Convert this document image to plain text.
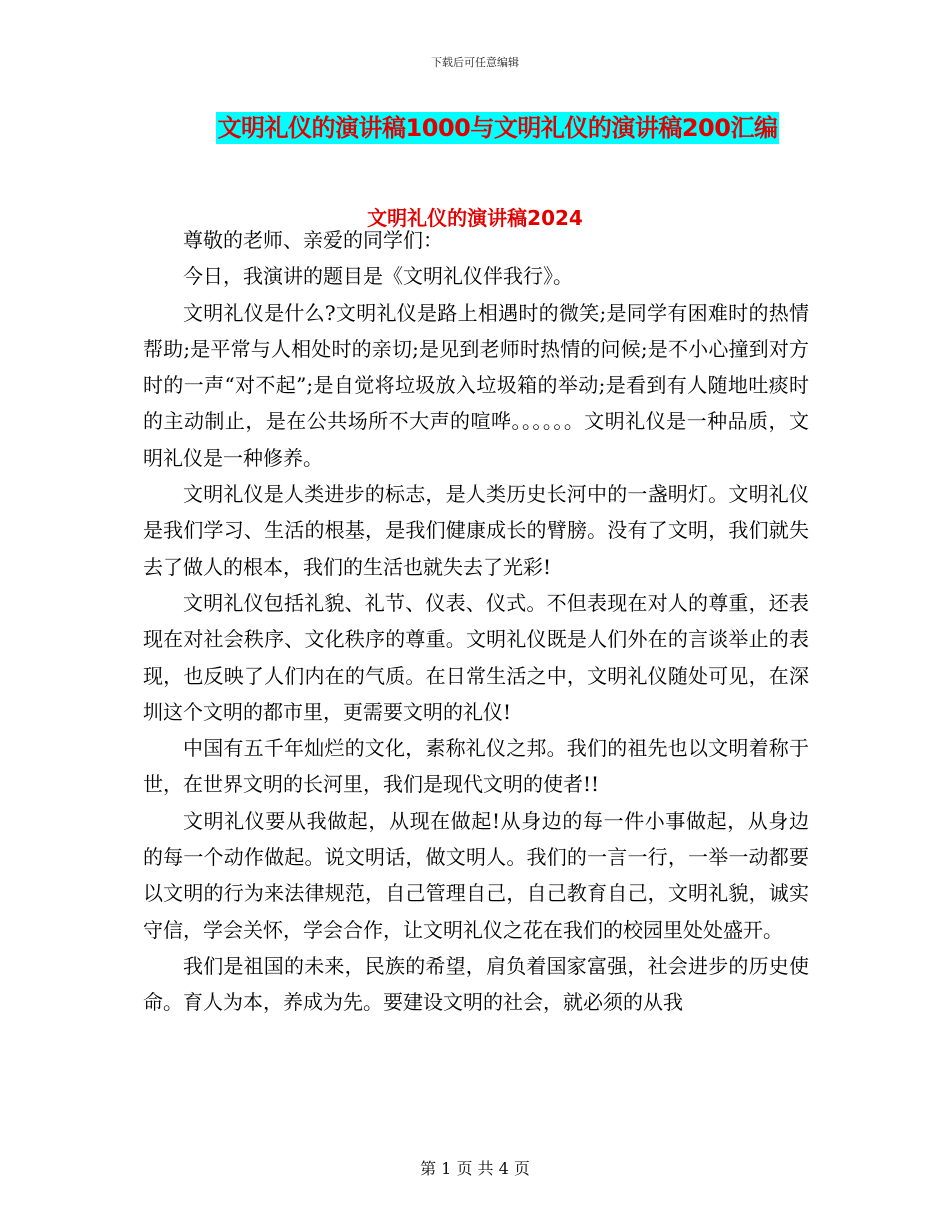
下载后可任意编辑
文明礼仪的演讲稿1000与文明礼仪的演讲稿200汇编
文明礼仪的演讲稿2024

尊敬的老师、亲爱的同学们：

今日，我演讲的题目是《文明礼仪伴我行》。

文明礼仪是什么?文明礼仪是路上相遇时的微笑;是同学有困难时的热情帮助;是平常与人相处时的亲切;是见到老师时热情的问候;是不小心撞到对方时的一声“对不起”;是自觉将垃圾放入垃圾箱的举动;是看到有人随地吐痰时的主动制止，是在公共场所不大声的喧哗。。。。。。文明礼仪是一种品质，文明礼仪是一种修养。

文明礼仪是人类进步的标志，是人类历史长河中的一盏明灯。文明礼仪是我们学习、生活的根基，是我们健康成长的臂膀。没有了文明，我们就失去了做人的根本，我们的生活也就失去了光彩!

文明礼仪包括礼貌、礼节、仪表、仪式。不但表现在对人的尊重，还表现在对社会秩序、文化秩序的尊重。文明礼仪既是人们外在的言谈举止的表现，也反映了人们内在的气质。在日常生活之中，文明礼仪随处可见，在深圳这个文明的都市里，更需要文明的礼仪!

中国有五千年灿烂的文化，素称礼仪之邦。我们的祖先也以文明着称于世，在世界文明的长河里，我们是现代文明的使者!!

文明礼仪要从我做起，从现在做起!从身边的每一件小事做起，从身边的每一个动作做起。说文明话，做文明人。我们的一言一行，一举一动都要以文明的行为来法律规范，自己管理自己，自己教育自己，文明礼貌，诚实守信，学会关怀，学会合作，让文明礼仪之花在我们的校园里处处盛开。

我们是祖国的未来，民族的希望，肩负着国家富强，社会进步的历史使命。育人为本，养成为先。要建设文明的社会，就必须的从我

第 1 页 共 4 页
